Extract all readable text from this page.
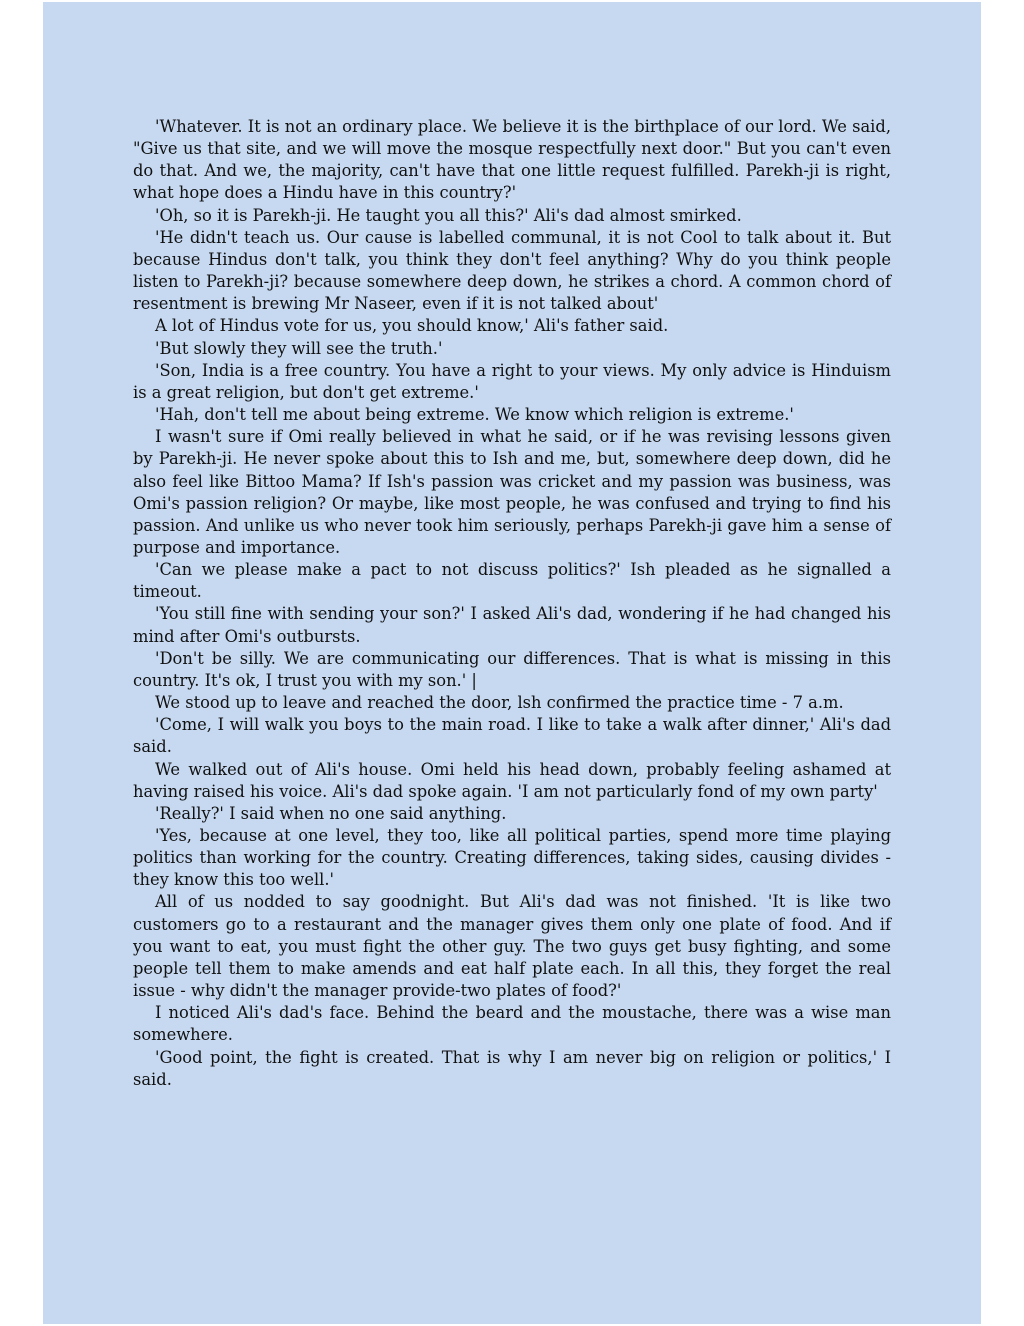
'Whatever. It is not an ordinary place. We believe it is the birthplace of our lord. We said, "Give us that site, and we will move the mosque respectfully next door." But you can't even do that. And we, the majority, can't have that one little request fulfilled. Parekh-ji is right, what hope does a Hindu have in this country?'

'Oh, so it is Parekh-ji. He taught you all this?' Ali's dad almost smirked.

'He didn't teach us. Our cause is labelled communal, it is not Cool to talk about it. But because Hindus don't talk, you think they don't feel anything? Why do you think people listen to Parekh-ji? because somewhere deep down, he strikes a chord. A common chord of resentment is brewing Mr Naseer, even if it is not talked about'

A lot of Hindus vote for us, you should know,' Ali's father said.

'But slowly they will see the truth.'

'Son, India is a free country. You have a right to your views. My only advice is Hinduism is a great religion, but don't get extreme.'

'Hah, don't tell me about being extreme. We know which religion is extreme.'

I wasn't sure if Omi really believed in what he said, or if he was revising lessons given by Parekh-ji. He never spoke about this to Ish and me, but, somewhere deep down, did he also feel like Bittoo Mama? If Ish's passion was cricket and my passion was business, was Omi's passion religion? Or maybe, like most people, he was confused and trying to find his passion. And unlike us who never took him seriously, perhaps Parekh-ji gave him a sense of purpose and importance.

'Can we please make a pact to not discuss politics?' Ish pleaded as he signalled a timeout.

'You still fine with sending your son?' I asked Ali's dad, wondering if he had changed his mind after Omi's outbursts.

'Don't be silly. We are communicating our differences. That is what is missing in this country. It's ok, I trust you with my son.' |

We stood up to leave and reached the door, lsh confirmed the practice time - 7 a.m.

'Come, I will walk you boys to the main road. I like to take a walk after dinner,' Ali's dad said.

We walked out of Ali's house. Omi held his head down, probably feeling ashamed at having raised his voice. Ali's dad spoke again. 'I am not particularly fond of my own party'

'Really?' I said when no one said anything.

'Yes, because at one level, they too, like all political parties, spend more time playing politics than working for the country. Creating differences, taking sides, causing divides - they know this too well.'

All of us nodded to say goodnight. But Ali's dad was not finished. 'It is like two customers go to a restaurant and the manager gives them only one plate of food. And if you want to eat, you must fight the other guy. The two guys get busy fighting, and some people tell them to make amends and eat half plate each. In all this, they forget the real issue - why didn't the manager provide-two plates of food?'

I noticed Ali's dad's face. Behind the beard and the moustache, there was a wise man somewhere.

'Good point, the fight is created. That is why I am never big on religion or politics,' I said.
